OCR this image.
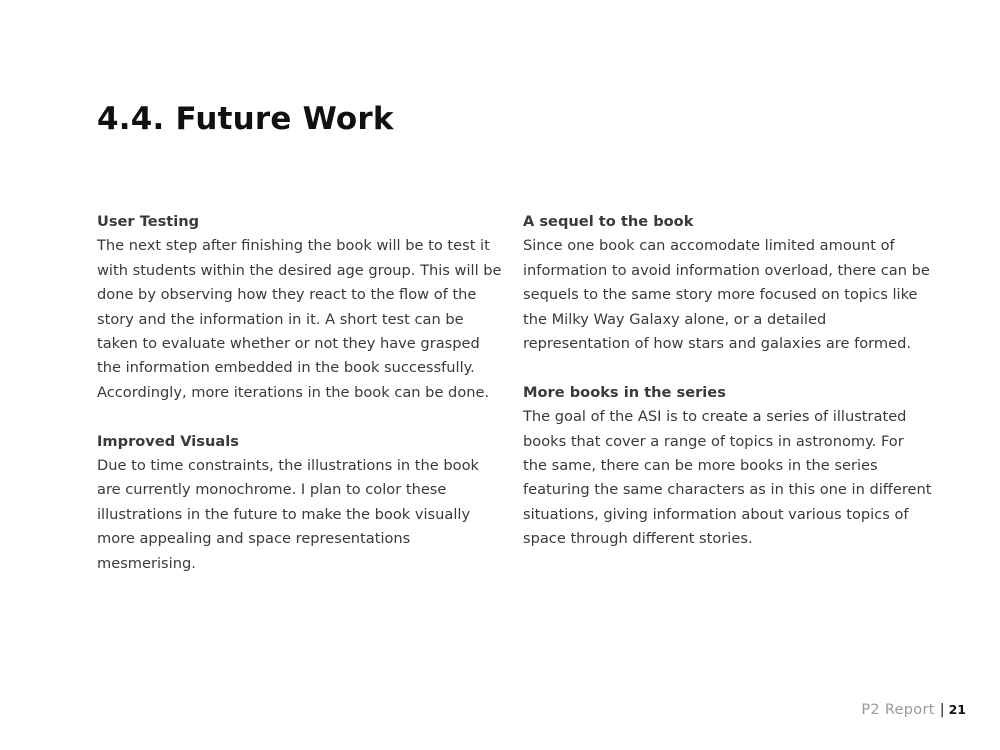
4.4. Future Work

User Testing

The next step after finishing the book will be to test it

with students within the desired age group. This will be

done by observing how they react to the flow of the

story and the information in it. A short test can be

taken to evaluate whether or not they have grasped

the information embedded in the book successfully.

Accordingly, more iterations in the book can be done.

Improved Visuals

Due to time constraints, the illustrations in the book

are currently monochrome. I plan to color these

illustrations in the future to make the book visually

more appealing and space representations

mesmerising.

A sequel to the book

Since one book can accomodate limited amount of

information to avoid information overload, there can be

sequels to the same story more focused on topics like

the Milky Way Galaxy alone, or a detailed

representation of how stars and galaxies are formed.

More books in the series

The goal of the ASI is to create a series of illustrated

books that cover a range of topics in astronomy. For

the same, there can be more books in the series

featuring the same characters as in this one in different

situations, giving information about various topics of

space through different stories.

P2 Report | 21
